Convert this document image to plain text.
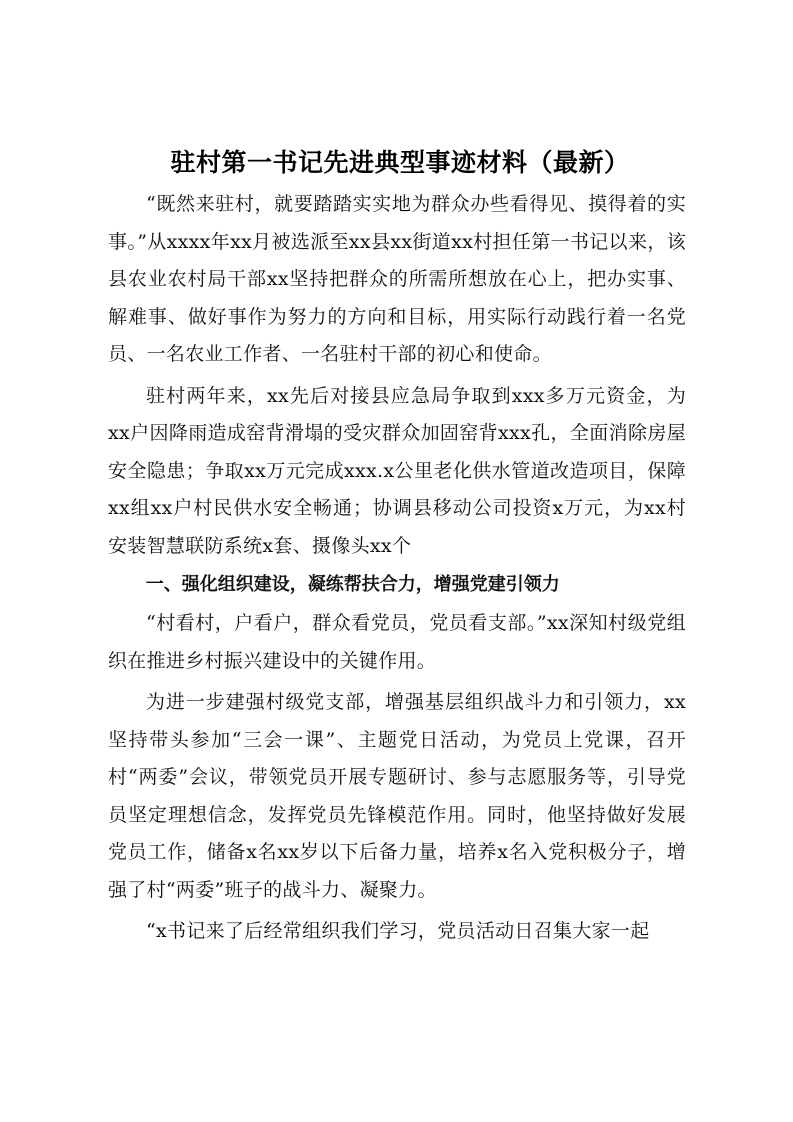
驻村第一书记先进典型事迹材料（最新）

“既然来驻村，就要踏踏实实地为群众办些看得见、摸得着的实事。”从xxxx年xx月被选派至xx县xx街道xx村担任第一书记以来，该县农业农村局干部xx坚持把群众的所需所想放在心上，把办实事、解难事、做好事作为努力的方向和目标，用实际行动践行着一名党员、一名农业工作者、一名驻村干部的初心和使命。

驻村两年来，xx先后对接县应急局争取到xxx多万元资金，为xx户因降雨造成窑背滑塌的受灾群众加固窑背xxx孔，全面消除房屋安全隐患；争取xx万元完成xxx.x公里老化供水管道改造项目，保障xx组xx户村民供水安全畅通；协调县移动公司投资x万元，为xx村安装智慧联防系统x套、摄像头xx个

一、强化组织建设，凝练帮扶合力，增强党建引领力

“村看村，户看户，群众看党员，党员看支部。”xx深知村级党组织在推进乡村振兴建设中的关键作用。

为进一步建强村级党支部，增强基层组织战斗力和引领力，xx坚持带头参加“三会一课”、主题党日活动，为党员上党课，召开村“两委”会议，带领党员开展专题研讨、参与志愿服务等，引导党员坚定理想信念，发挥党员先锋模范作用。同时，他坚持做好发展党员工作，储备x名xx岁以下后备力量，培养x名入党积极分子，增强了村“两委”班子的战斗力、凝聚力。

“x书记来了后经常组织我们学习，党员活动日召集大家一起
